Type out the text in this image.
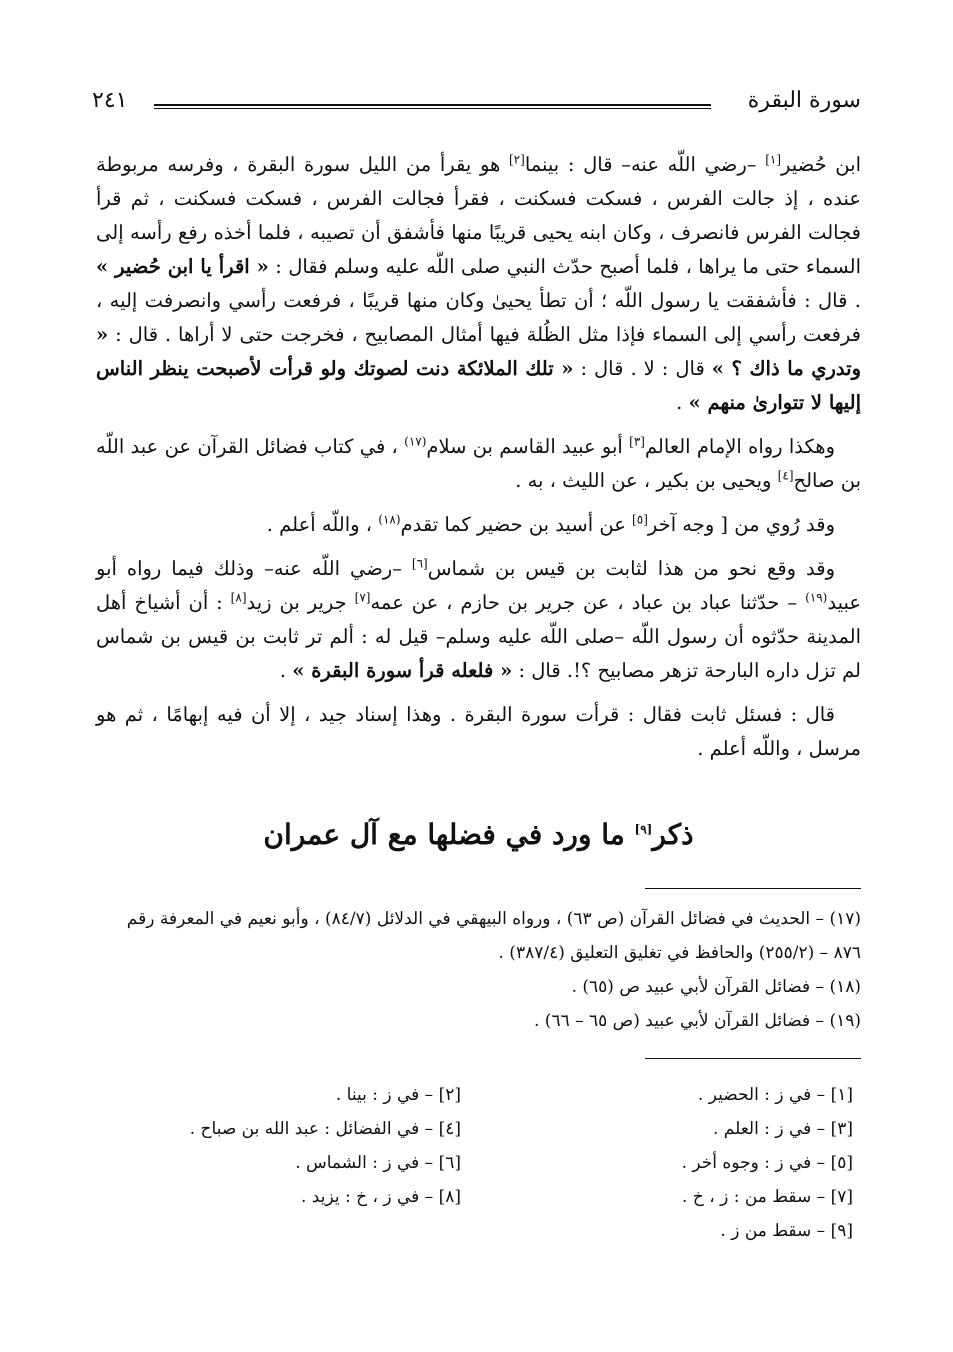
سورة البقرة
٢٤١

ابن حُضير[١] –رضي اللّه عنه– قال : بينما[٢] هو يقرأ من الليل سورة البقرة ، وفرسه مربوطة عنده ، إذ جالت الفرس ، فسكت فسكنت ، فقرأ فجالت الفرس ، فسكت فسكنت ، ثم قرأ فجالت الفرس فانصرف ، وكان ابنه يحيى قريبًا منها فأشفق أن تصيبه ، فلما أخذه رفع رأسه إلى السماء حتى ما يراها ، فلما أصبح حدّث النبي صلى اللّه عليه وسلم فقال : « اقرأ يا ابن حُضير » . قال : فأشفقت يا رسول اللّه ؛ أن تطأ يحيىٰ وكان منها قريبًا ، فرفعت رأسي وانصرفت إليه ، فرفعت رأسي إلى السماء فإذا مثل الظُلة فيها أمثال المصابيح ، فخرجت حتى لا أراها . قال : « وتدري ما ذاك ؟ » قال : لا . قال : « تلك الملائكة دنت لصوتك ولو قرأت لأصبحت ينظر الناس إليها لا تتوارىٰ منهم » .

وهكذا رواه الإمام العالم[٣] أبو عبيد القاسم بن سلام$^{(١٧)}$ ، في كتاب فضائل القرآن عن عبد اللّه بن صالح[٤] ويحيى بن بكير ، عن الليث ، به .

وقد رُوي من [ وجه آخر[٥] عن أسيد بن حضير كما تقدم$^{(١٨)}$ ، واللّه أعلم .

وقد وقع نحو من هذا لثابت بن قيس بن شماس[٦] –رضي اللّه عنه– وذلك فيما رواه أبو عبيد$^{(١٩)}$ – حدّثنا عباد بن عباد ، عن جرير بن حازم ، عن عمه[٧] جرير بن زيد[٨] : أن أشياخ أهل المدينة حدّثوه أن رسول اللّه –صلى اللّه عليه وسلم– قيل له : ألم تر ثابت بن قيس بن شماس لم تزل داره البارحة تزهر مصابيح ؟!. قال : « فلعله قرأ سورة البقرة » .

قال : فسئل ثابت فقال : قرأت سورة البقرة . وهذا إسناد جيد ، إلا أن فيه إبهامًا ، ثم هو مرسل ، واللّه أعلم .

ذكر[٩] ما ورد في فضلها مع آل عمران

(١٧) – الحديث في فضائل القرآن (ص ٦٣) ، ورواه البيهقي في الدلائل (٨٤/٧) ، وأبو نعيم في المعرفة رقم ٨٧٦ – (٢٥٥/٢) والحافظ في تغليق التعليق (٣٨٧/٤) .

(١٨) – فضائل القرآن لأبي عبيد ص (٦٥) .

(١٩) – فضائل القرآن لأبي عبيد (ص ٦٥ – ٦٦) .

[١] – في ز : الحضير .
[٣] – في ز : العلم .
[٥] – في ز : وجوه أخر .
[٧] – سقط من : ز ، خ .
[٩] – سقط من ز .
[٢] – في ز : بينا .
[٤] – في الفضائل : عبد الله بن صباح .
[٦] – في ز : الشماس .
[٨] – في ز ، خ : يزيد .
